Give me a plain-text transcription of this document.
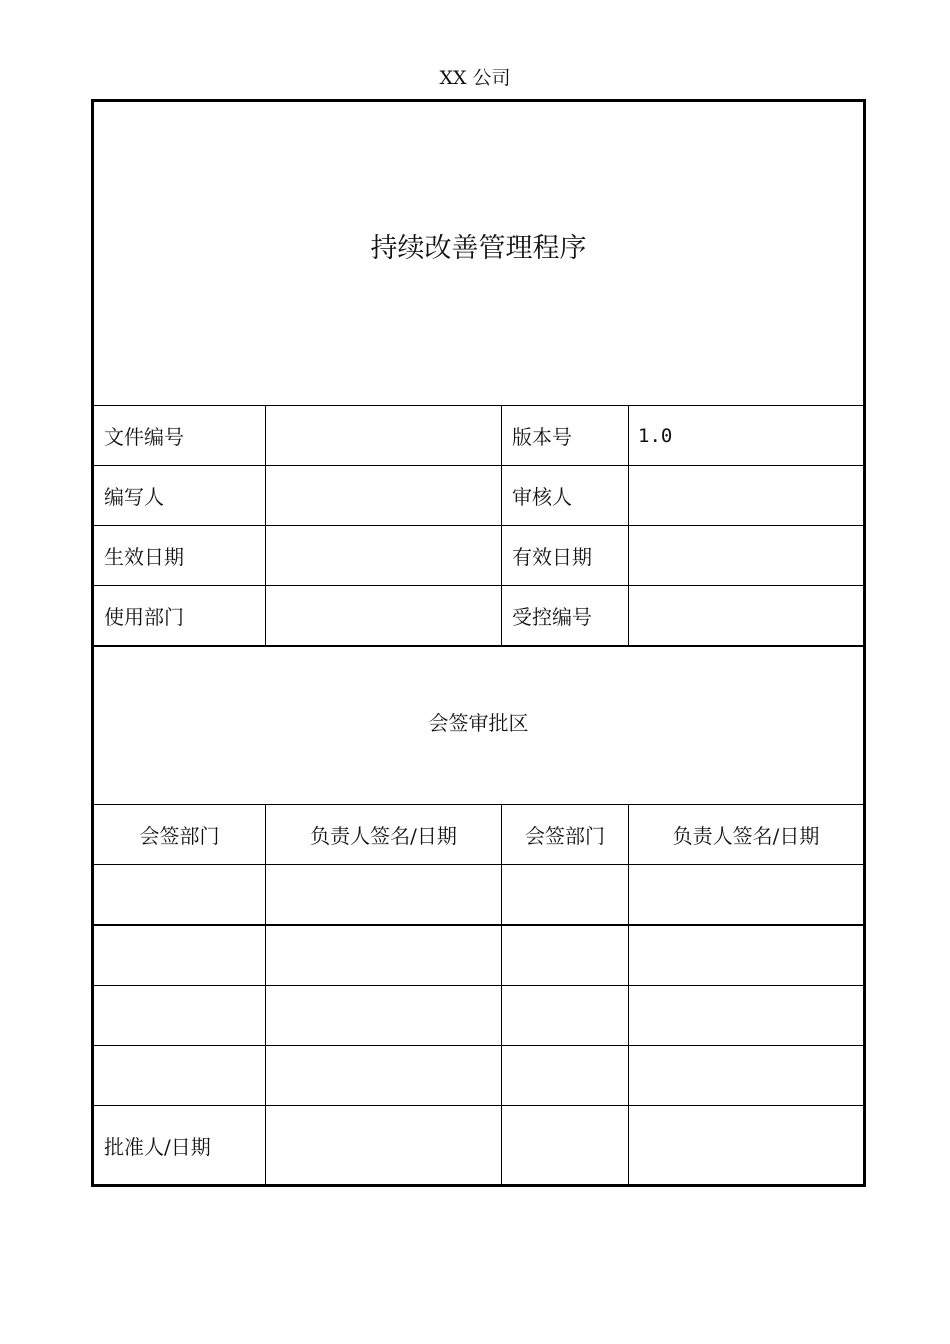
XX 公司
持续改善管理程序			
文件编号		版本号	1.0
编写人		审核人	
生效日期		有效日期	
使用部门		受控编号	
会签审批区			
会签部门	负责人签名/日期	会签部门	负责人签名/日期

批准人/日期			
